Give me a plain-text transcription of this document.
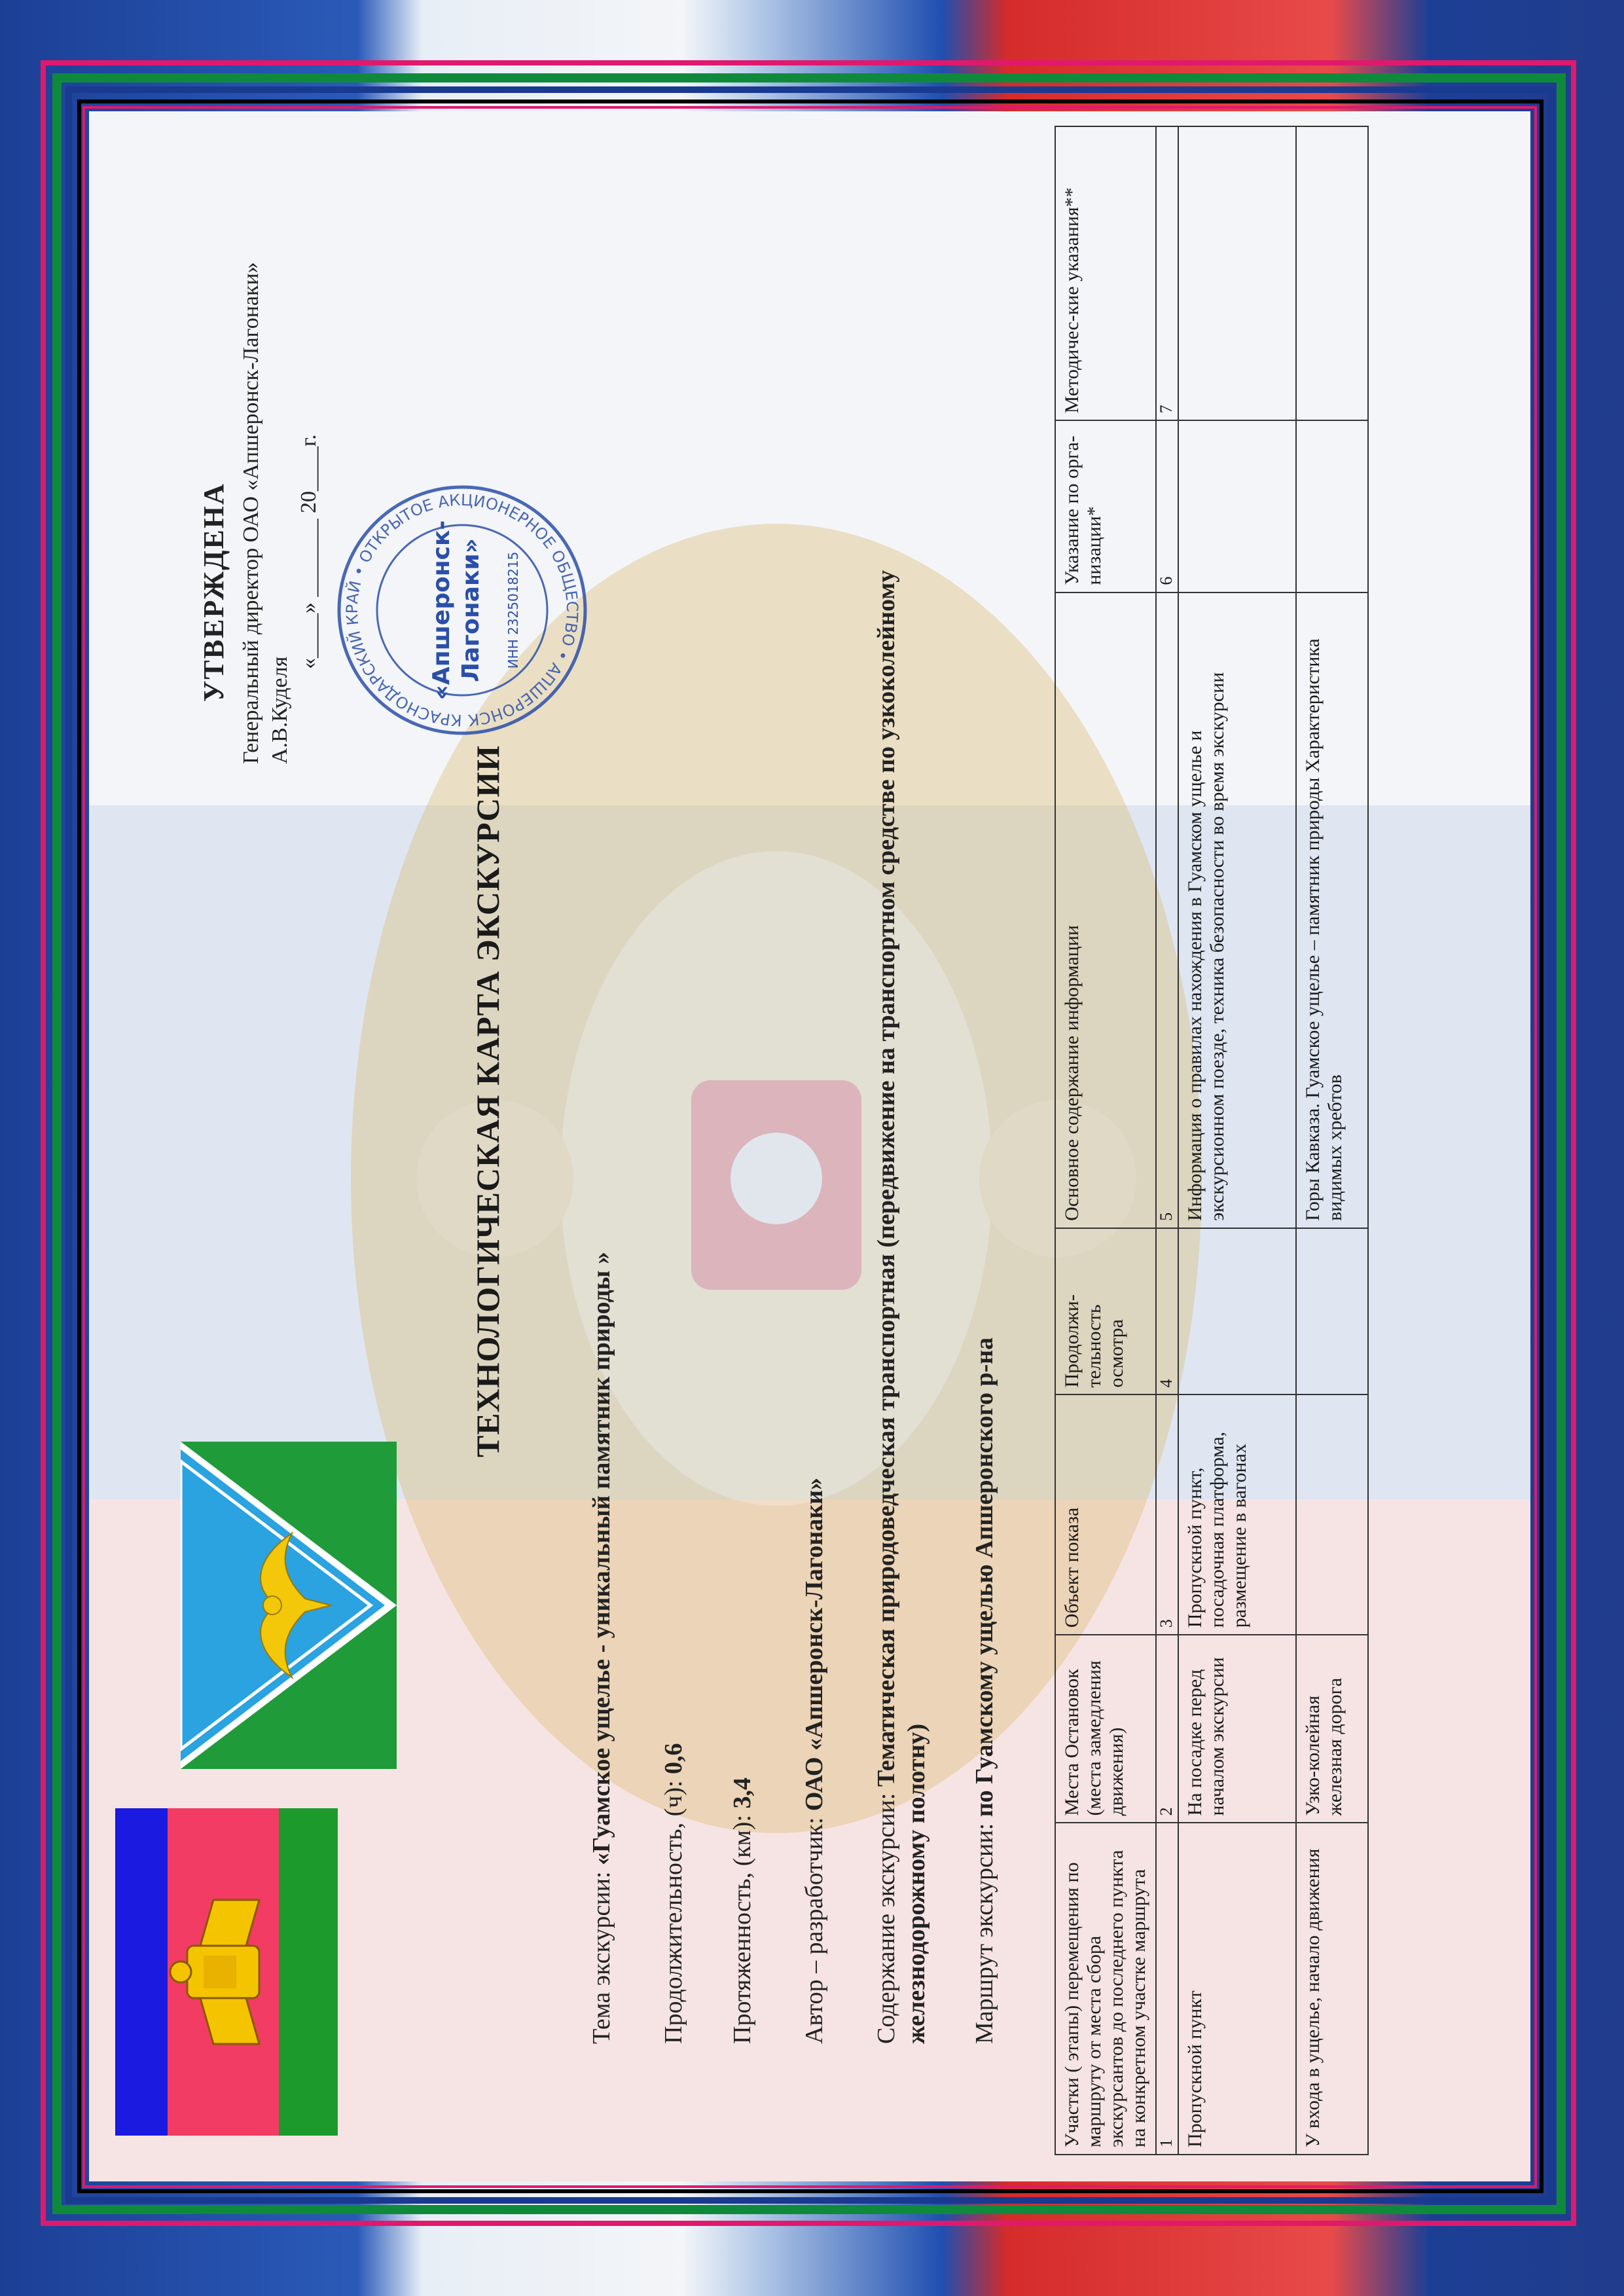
УТВЕРЖДЕНА Генеральный директор ОАО «Апшеронск-Лагонаки» А.В.Куделя
«____» _______ 20____г.
КРАСНОДАРСКИЙ КРАЙ • ОТКРЫТОЕ АКЦИОНЕРНОЕ ОБЩЕСТВО • АПШЕРОНСК
«Апшеронск- Лагонаки» ИНН 2325018215
ТЕХНОЛОГИЧЕСКАЯ КАРТА ЭКСКУРСИИ
Тема экскурсии: «Гуамское ущелье - уникальный памятник природы »
Продолжительность, (ч): 0,6
Протяженность, (км): 3,4
Автор – разработчик: ОАО «Апшеронск-Лагонаки»
Содержание экскурсии: Тематическая природоведческая транспортная (передвижение на транспортном средстве по узкоколейному железнодорожному полотну) Маршрут экскурсии: по Гуамскому ущелью Апшеронского р-на
Участки ( этапы) перемещения по маршруту от места сбора экскурсантов до последнего пункта на конкретном участке маршрута	Места Остановок (места замедления движения)	Объект показа	Продолжи-тельность осмотра	Основное содержание информации	Указание по орга-низации*	Методичес-кие указания**
1	2	3	4	5	6	7
Пропускной пункт	На посадке перед началом экскурсии	Пропускной пункт, посадочная платформа, размещение в вагонах		Информация о правилах нахождения в Гуамском ущелье и экскурсионном поезде, техника безопасности во время экскурсии		
У входа в ущелье, начало движения	Узко-колейная железная дорога			Горы Кавказа. Гуамское ущелье – памятник природы Характеристика видимых хребтов		
